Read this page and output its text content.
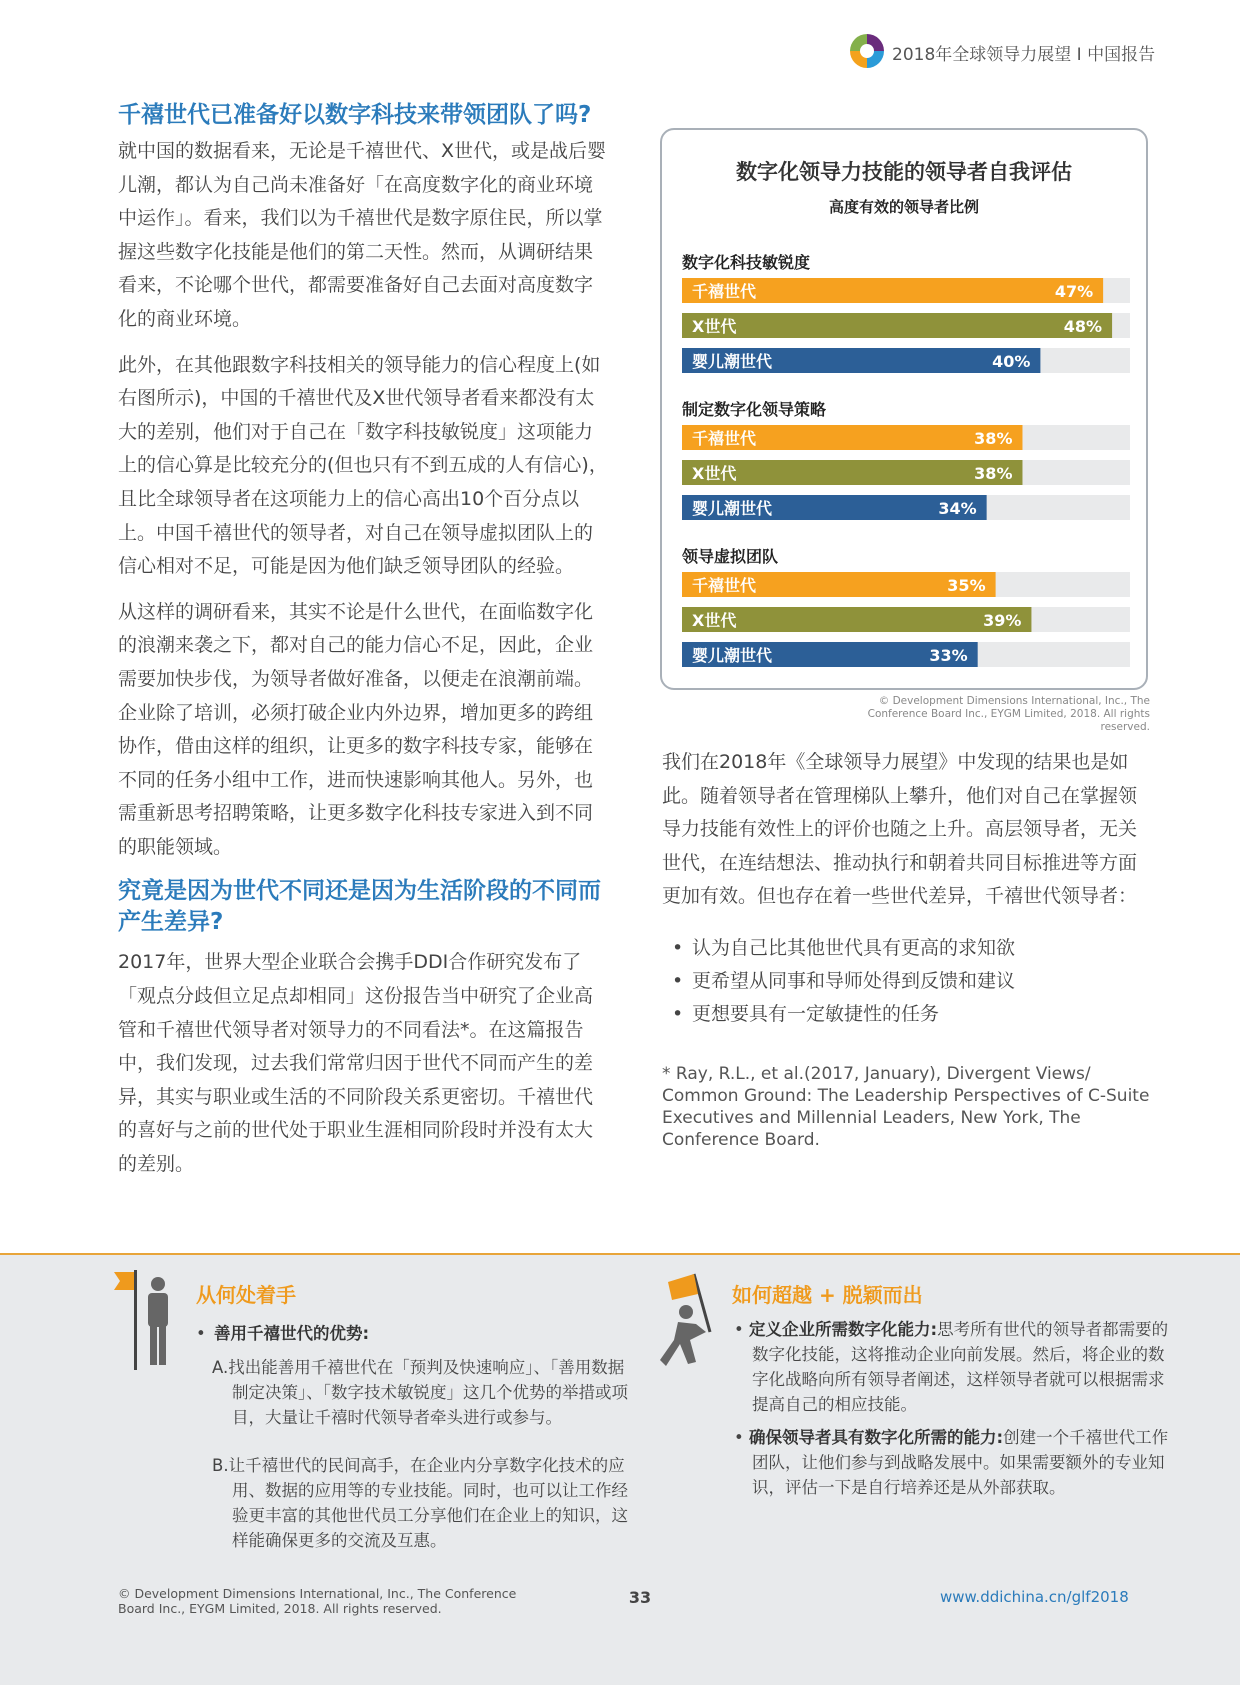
2018年全球领导力展望 I 中国报告
千禧世代已准备好以数字科技来带领团队了吗?

就中国的数据看来，无论是千禧世代、X世代，或是战后婴儿潮，都认为自己尚未准备好「在高度数字化的商业环境中运作」。看来，我们以为千禧世代是数字原住民，所以掌握这些数字化技能是他们的第二天性。然而，从调研结果看来，不论哪个世代，都需要准备好自己去面对高度数字化的商业环境。

此外，在其他跟数字科技相关的领导能力的信心程度上(如右图所示)，中国的千禧世代及X世代领导者看来都没有太大的差别，他们对于自己在「数字科技敏锐度」这项能力上的信心算是比较充分的(但也只有不到五成的人有信心)，且比全球领导者在这项能力上的信心高出10个百分点以上。中国千禧世代的领导者，对自己在领导虚拟团队上的信心相对不足，可能是因为他们缺乏领导团队的经验。

从这样的调研看来，其实不论是什么世代，在面临数字化的浪潮来袭之下，都对自己的能力信心不足，因此，企业需要加快步伐，为领导者做好准备，以便走在浪潮前端。企业除了培训，必须打破企业内外边界，增加更多的跨组协作，借由这样的组织，让更多的数字科技专家，能够在不同的任务小组中工作，进而快速影响其他人。另外，也需重新思考招聘策略，让更多数字化科技专家进入到不同的职能领域。

究竟是因为世代不同还是因为生活阶段的不同而产生差异?

2017年，世界大型企业联合会携手DDI合作研究发布了「观点分歧但立足点却相同」这份报告当中研究了企业高管和千禧世代领导者对领导力的不同看法*。在这篇报告中，我们发现，过去我们常常归因于世代不同而产生的差异，其实与职业或生活的不同阶段关系更密切。千禧世代的喜好与之前的世代处于职业生涯相同阶段时并没有太大的差别。

数字化科技敏锐度
千禧世代	47%
X世代	48%
婴儿潮世代	40%
制定数字化领导策略
千禧世代	38%
X世代	38%
婴儿潮世代	34%
领导虚拟团队
千禧世代	35%
X世代	39%
婴儿潮世代	33%
数字化领导力技能的领导者自我评估
高度有效的领导者比例
© Development Dimensions International, Inc., The Conference Board Inc., EYGM Limited, 2018. All rights reserved.

我们在2018年《全球领导力展望》中发现的结果也是如此。随着领导者在管理梯队上攀升，他们对自己在掌握领导力技能有效性上的评价也随之上升。高层领导者，无关世代，在连结想法、推动执行和朝着共同目标推进等方面更加有效。但也存在着一些世代差异，千禧世代领导者：

• 认为自己比其他世代具有更高的求知欲
• 更希望从同事和导师处得到反馈和建议
• 更想要具有一定敏捷性的任务

* Ray, R.L., et al.(2017, January), Divergent Views/ Common Ground: The Leadership Perspectives of C-Suite Executives and Millennial Leaders, New York, The Conference Board.

从何处着手
• 善用千禧世代的优势:
A.找出能善用千禧世代在「预判及快速响应」、「善用数据制定决策」、「数字技术敏锐度」这几个优势的举措或项目，大量让千禧时代领导者牵头进行或参与。
B.让千禧世代的民间高手，在企业内分享数字化技术的应用、数据的应用等的专业技能。同时，也可以让工作经验更丰富的其他世代员工分享他们在企业上的知识，这样能确保更多的交流及互惠。
如何超越 + 脱颖而出
• 定义企业所需数字化能力:思考所有世代的领导者都需要的数字化技能，这将推动企业向前发展。然后，将企业的数字化战略向所有领导者阐述，这样领导者就可以根据需求提高自己的相应技能。
• 确保领导者具有数字化所需的能力:创建一个千禧世代工作团队，让他们参与到战略发展中。如果需要额外的专业知识，评估一下是自行培养还是从外部获取。
© Development Dimensions International, Inc., The Conference Board Inc., EYGM Limited, 2018. All rights reserved.
33	www.ddichina.cn/glf2018
